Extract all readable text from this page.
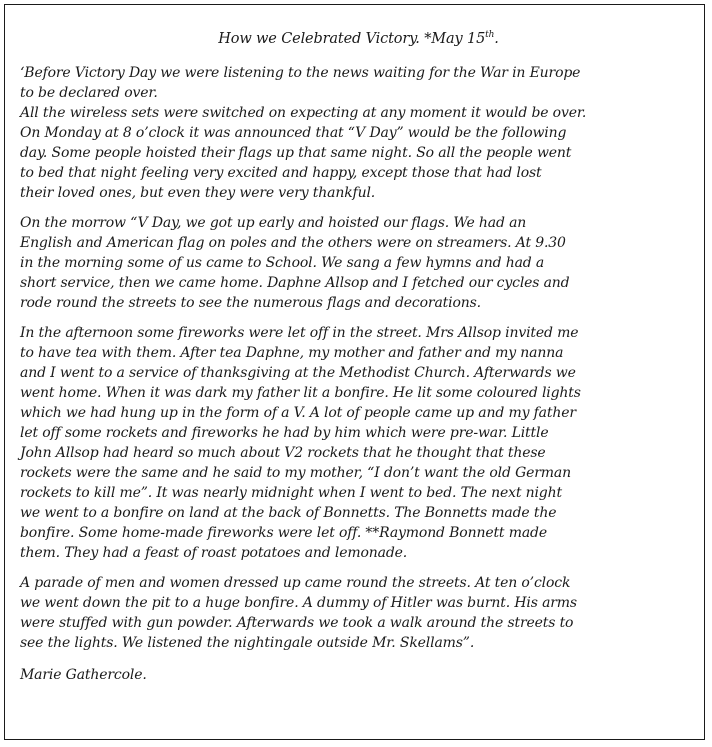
How we Celebrated Victory. *May 15th.
‘Before Victory Day we were listening to the news waiting for the War in Europe
to be declared over.
All the wireless sets were switched on expecting at any moment it would be over.
On Monday at 8 o’clock it was announced that “V Day” would be the following
day. Some people hoisted their flags up that same night. So all the people went
to bed that night feeling very excited and happy, except those that had lost
their loved ones, but even they were very thankful.
On the morrow “V Day, we got up early and hoisted our flags. We had an
English and American flag on poles and the others were on streamers. At 9.30
in the morning some of us came to School. We sang a few hymns and had a
short service, then we came home. Daphne Allsop and I fetched our cycles and
rode round the streets to see the numerous flags and decorations.
In the afternoon some fireworks were let off in the street. Mrs Allsop invited me
to have tea with them. After tea Daphne, my mother and father and my nanna
and I went to a service of thanksgiving at the Methodist Church. Afterwards we
went home. When it was dark my father lit a bonfire. He lit some coloured lights
which we had hung up in the form of a V. A lot of people came up and my father
let off some rockets and fireworks he had by him which were pre-war. Little
John Allsop had heard so much about V2 rockets that he thought that these
rockets were the same and he said to my mother, “I don’t want the old German
rockets to kill me”. It was nearly midnight when I went to bed. The next night
we went to a bonfire on land at the back of Bonnetts. The Bonnetts made the
bonfire. Some home-made fireworks were let off. **Raymond Bonnett made
them. They had a feast of roast potatoes and lemonade.
A parade of men and women dressed up came round the streets. At ten o’clock
we went down the pit to a huge bonfire. A dummy of Hitler was burnt. His arms
were stuffed with gun powder. Afterwards we took a walk around the streets to
see the lights. We listened the nightingale outside Mr. Skellams”.
Marie Gathercole.
